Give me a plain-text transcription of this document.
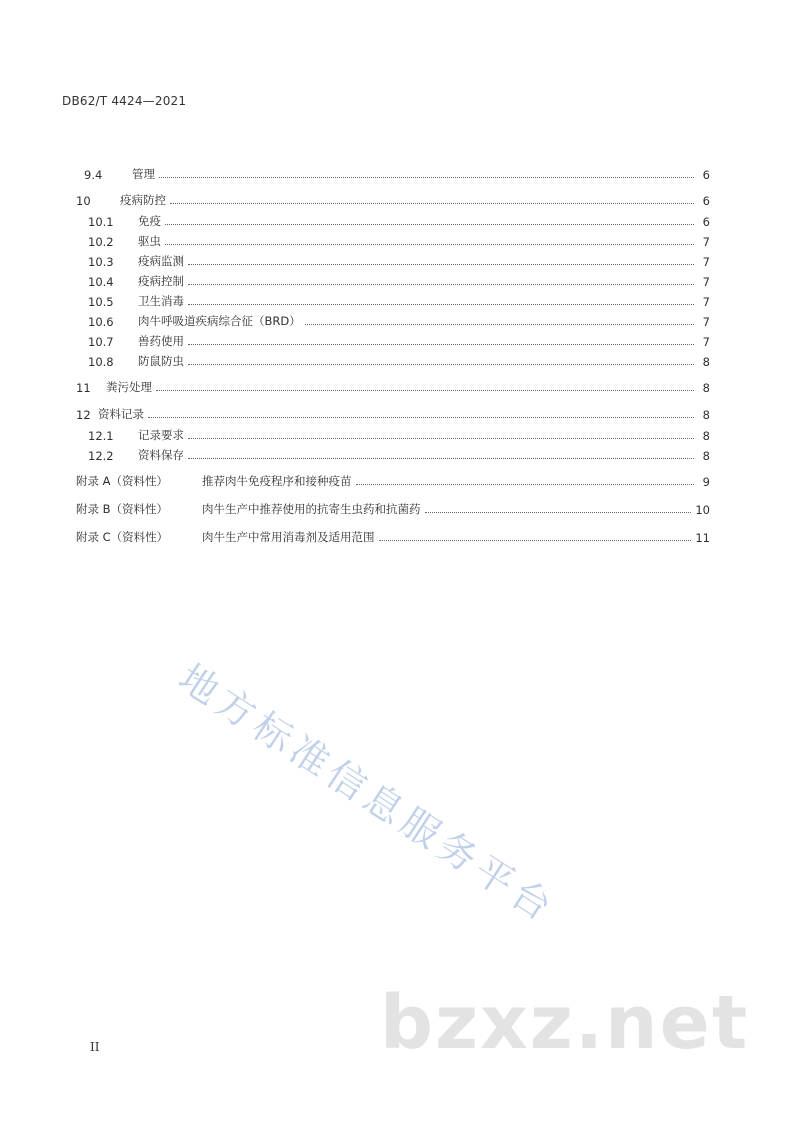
DB62/T 4424—2021
9.4	管理	6
10	疫病防控	6
10.1	免疫	6
10.2	驱虫	7
10.3	疫病监测	7
10.4	疫病控制	7
10.5	卫生消毒	7
10.6	肉牛呼吸道疾病综合征（BRD）	7
10.7	兽药使用	7
10.8	防鼠防虫	8
11	粪污处理	8
12 资料记录	8
12.1	记录要求	8
12.2	资料保存	8
附录 A（资料性）	推荐肉牛免疫程序和接种疫苗	9
附录 B（资料性）	肉牛生产中推荐使用的抗寄生虫药和抗菌药	10
附录 C（资料性）	肉牛生产中常用消毒剂及适用范围	11
地方标准信息服务平台
bzxz.net
II
